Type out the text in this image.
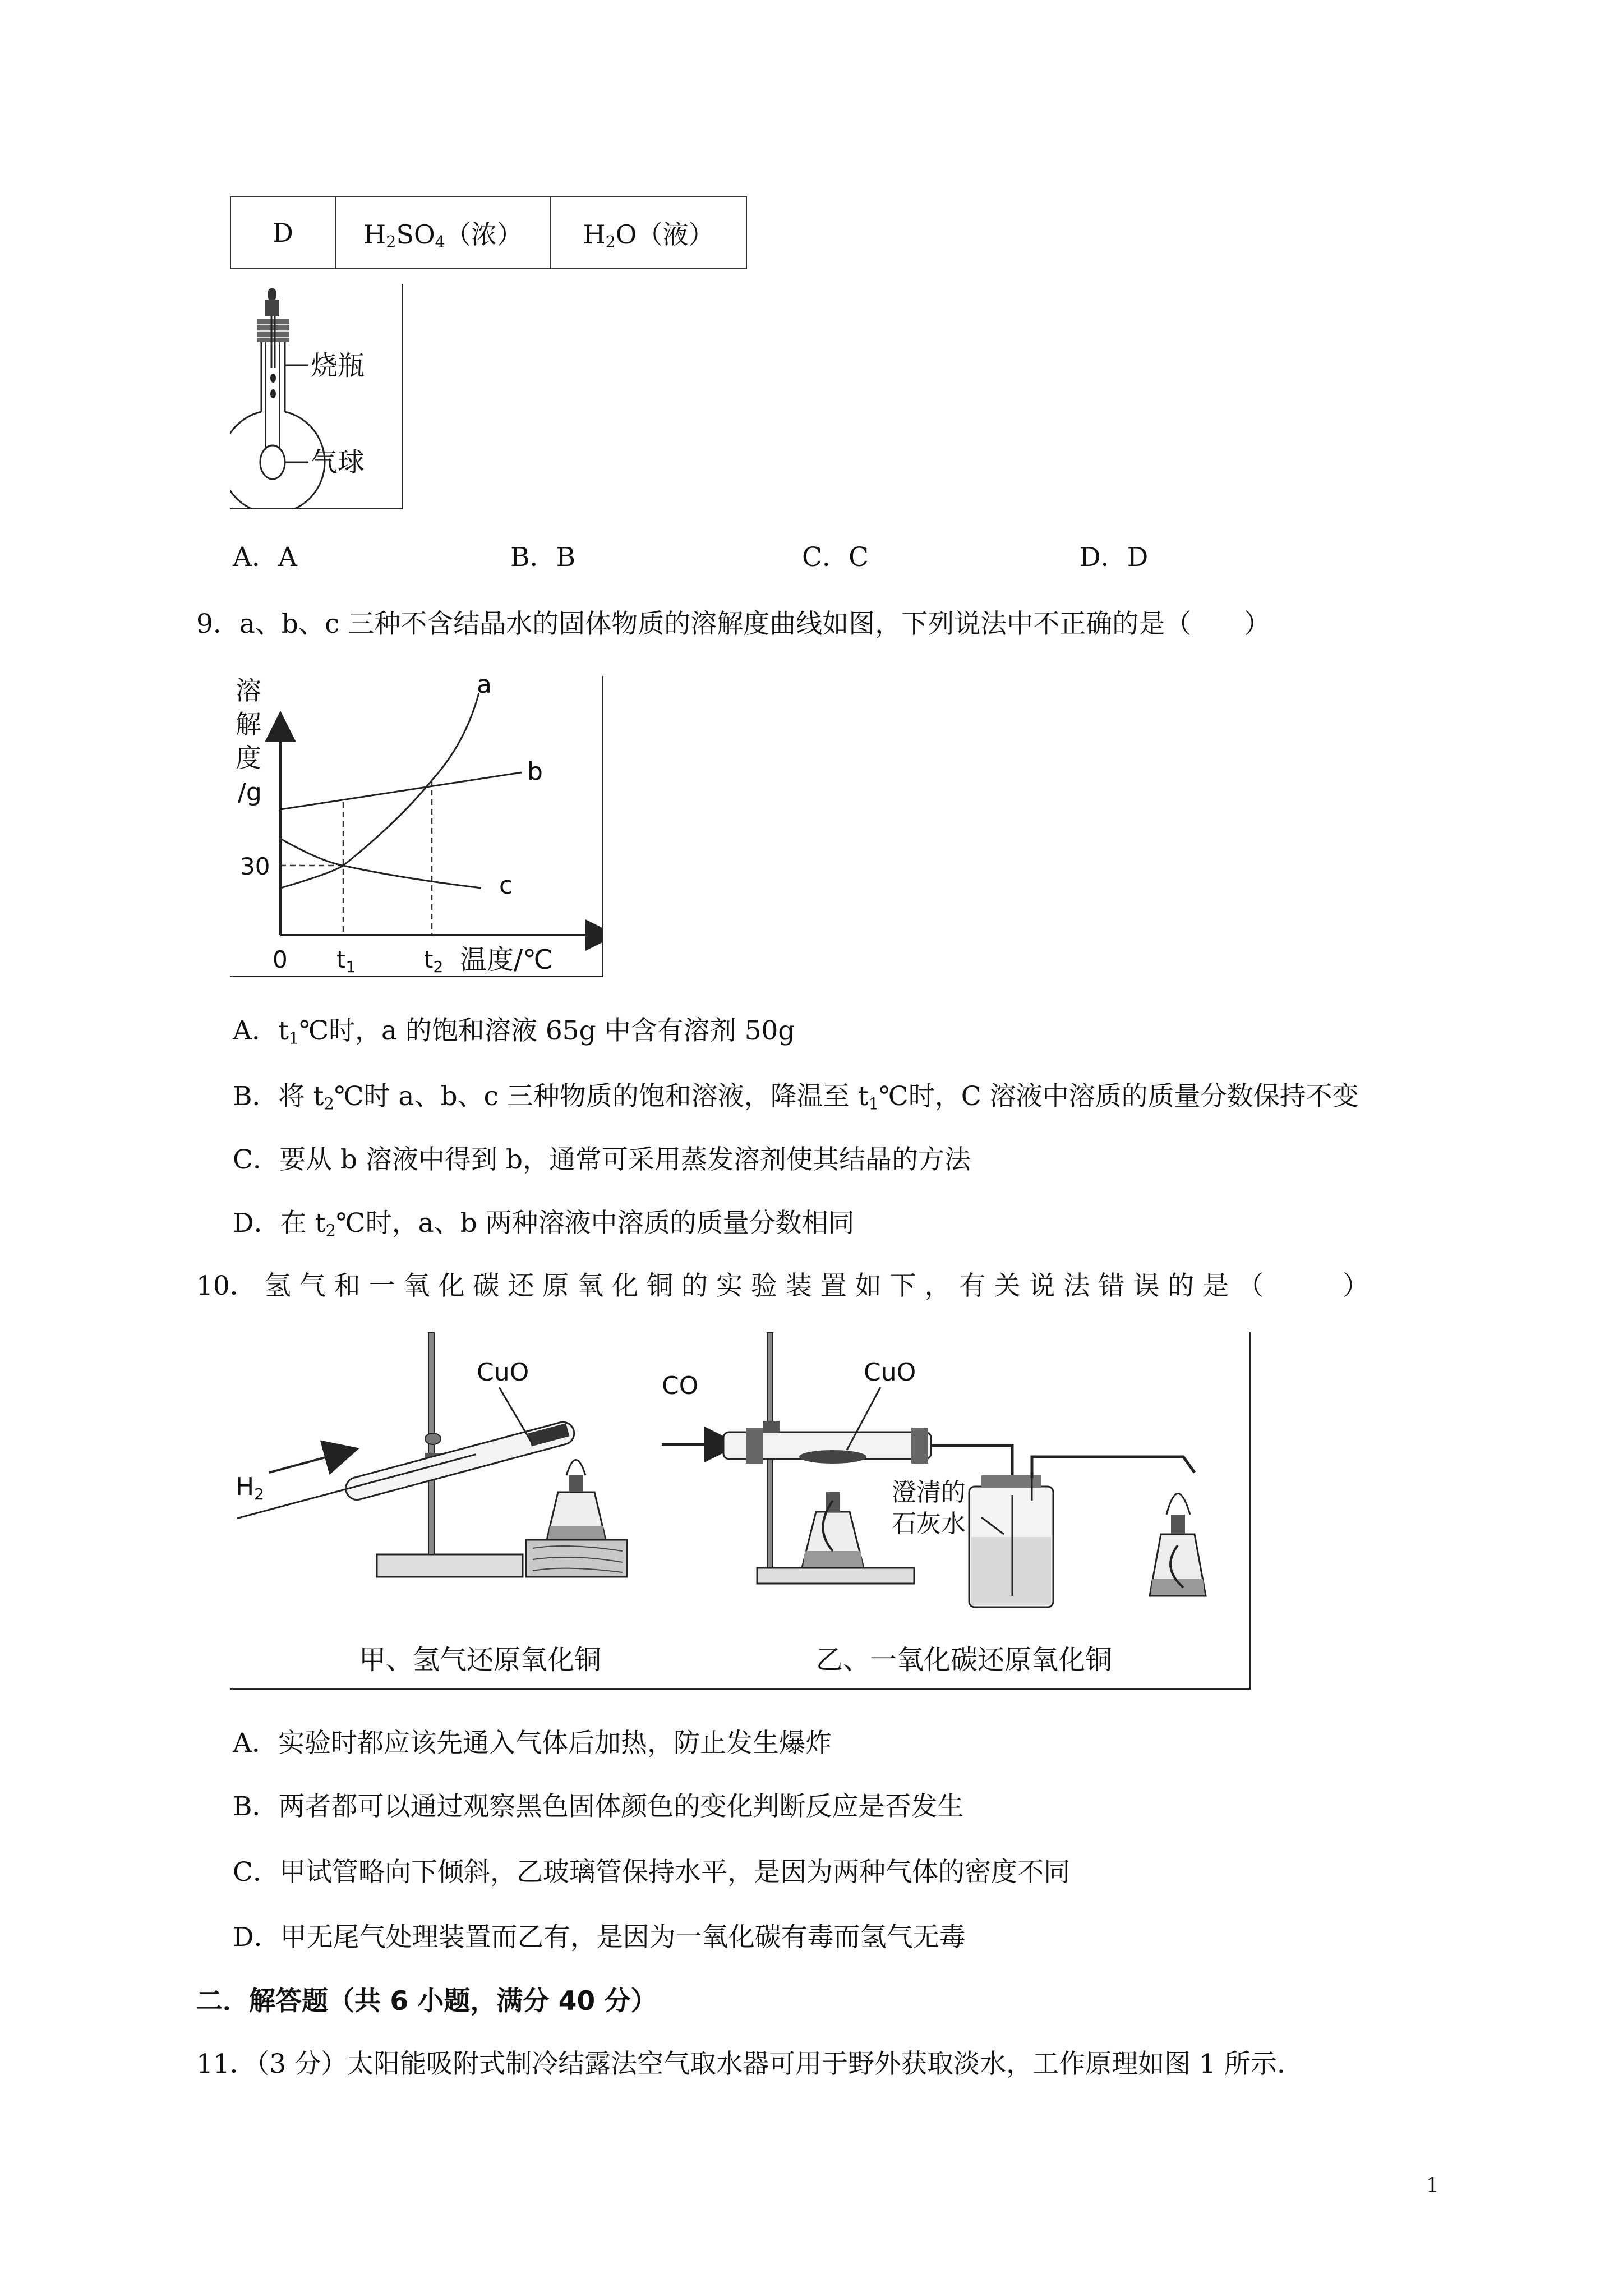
D	$H_2SO_4$（浓）	$H_2O$（液）
烧瓶
气球
A．A	B．B	C．C	D．D
9．a、b、c 三种不含结晶水的固体物质的溶解度曲线如图，下列说法中不正确的是（　　）
溶
解
度
/g
30
0 t1	t2 温度/℃
a
b
c
A．$t_1℃$时，a 的饱和溶液 65g 中含有溶剂 50g
B．将 $t_2℃$时 a、b、c 三种物质的饱和溶液，降温至 $t_1℃$时，C 溶液中溶质的质量分数保持不变
C．要从 b 溶液中得到 b，通常可采用蒸发溶剂使其结晶的方法
D．在 $t_2℃$时，a、b 两种溶液中溶质的质量分数相同
10． 氢 气 和 一 氧 化 碳 还 原 氧 化 铜 的 实 验 装 置 如 下 ， 有 关 说 法 错 误 的 是 （　　　）
H2
CuO
甲、氢气还原氧化铜
CO	CuO
澄清的
石灰水
乙、一氧化碳还原氧化铜
A．实验时都应该先通入气体后加热，防止发生爆炸
B．两者都可以通过观察黑色固体颜色的变化判断反应是否发生
C．甲试管略向下倾斜，乙玻璃管保持水平，是因为两种气体的密度不同
D．甲无尾气处理装置而乙有，是因为一氧化碳有毒而氢气无毒
二．解答题（共 6 小题，满分 40 分）
11．（3 分）太阳能吸附式制冷结露法空气取水器可用于野外获取淡水，工作原理如图 1 所示.
1
